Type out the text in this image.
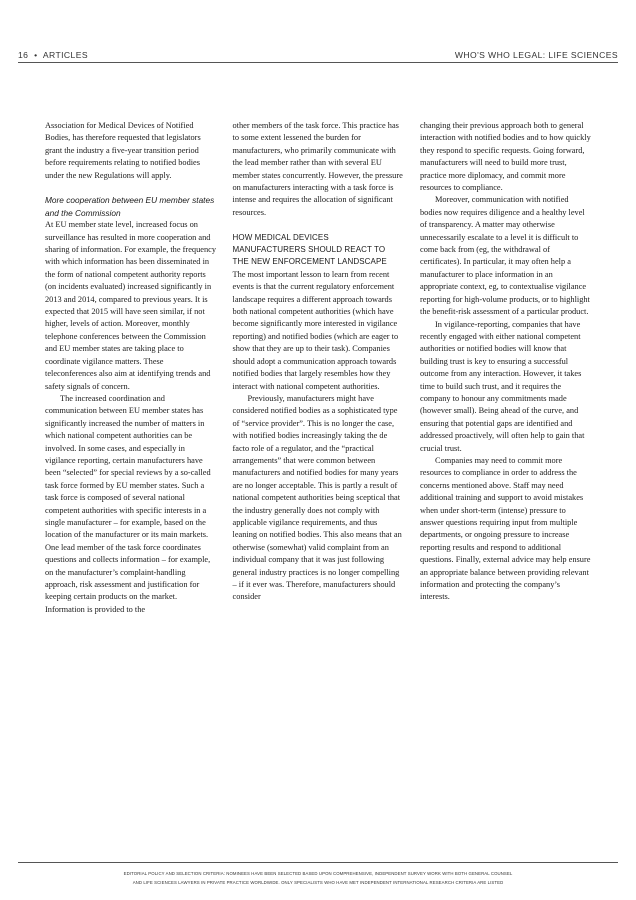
16 • ARTICLES	WHO'S WHO LEGAL: LIFE SCIENCES

Association for Medical Devices of Notified Bodies, has therefore requested that legislators grant the industry a five-year transition period before requirements relating to notified bodies under the new Regulations will apply.

More cooperation between EU member states and the Commission

At EU member state level, increased focus on surveillance has resulted in more cooperation and sharing of information. For example, the frequency with which information has been disseminated in the form of national competent authority reports (on incidents evaluated) increased significantly in 2013 and 2014, compared to previous years. It is expected that 2015 will have seen similar, if not higher, levels of action. Moreover, monthly telephone conferences between the Commission and EU member states are taking place to coordinate vigilance matters. These teleconferences also aim at identifying trends and safety signals of concern.

The increased coordination and communication between EU member states has significantly increased the number of matters in which national competent authorities can be involved. In some cases, and especially in vigilance reporting, certain manufacturers have been “selected” for special reviews by a so-called task force formed by EU member states. Such a task force is composed of several national competent authorities with specific interests in a single manufacturer – for example, based on the location of the manufacturer or its main markets. One lead member of the task force coordinates questions and collects information – for example, on the manufacturer’s complaint-handling approach, risk assessment and justification for keeping certain products on the market. Information is provided to the

other members of the task force. This practice has to some extent lessened the burden for manufacturers, who primarily communicate with the lead member rather than with several EU member states concurrently. However, the pressure on manufacturers interacting with a task force is intense and requires the allocation of significant resources.

HOW MEDICAL DEVICES MANUFACTURERS SHOULD REACT TO THE NEW ENFORCEMENT LANDSCAPE

The most important lesson to learn from recent events is that the current regulatory enforcement landscape requires a different approach towards both national competent authorities (which have become significantly more interested in vigilance reporting) and notified bodies (which are eager to show that they are up to their task). Companies should adopt a communication approach towards notified bodies that largely resembles how they interact with national competent authorities.

Previously, manufacturers might have considered notified bodies as a sophisticated type of “service provider”. This is no longer the case, with notified bodies increasingly taking the de facto role of a regulator, and the “practical arrangements” that were common between manufacturers and notified bodies for many years are no longer acceptable. This is partly a result of national competent authorities being sceptical that the industry generally does not comply with applicable vigilance requirements, and thus leaning on notified bodies. This also means that an otherwise (somewhat) valid complaint from an individual company that it was just following general industry practices is no longer compelling – if it ever was. Therefore, manufacturers should consider

changing their previous approach both to general interaction with notified bodies and to how quickly they respond to specific requests. Going forward, manufacturers will need to build more trust, practice more diplomacy, and commit more resources to compliance.

Moreover, communication with notified bodies now requires diligence and a healthy level of transparency. A matter may otherwise unnecessarily escalate to a level it is difficult to come back from (eg, the withdrawal of certificates). In particular, it may often help a manufacturer to place information in an appropriate context, eg, to contextualise vigilance reporting for high-volume products, or to highlight the benefit-risk assessment of a particular product.

In vigilance-reporting, companies that have recently engaged with either national competent authorities or notified bodies will know that building trust is key to ensuring a successful outcome from any interaction. However, it takes time to build such trust, and it requires the company to honour any commitments made (however small). Being ahead of the curve, and ensuring that potential gaps are identified and addressed proactively, will often help to gain that crucial trust.

Companies may need to commit more resources to compliance in order to address the concerns mentioned above. Staff may need additional training and support to avoid mistakes when under short-term (intense) pressure to answer questions requiring input from multiple departments, or ongoing pressure to increase reporting results and respond to additional questions. Finally, external advice may help ensure an appropriate balance between providing relevant information and protecting the company’s interests.

EDITORIAL POLICY AND SELECTION CRITERIA: NOMINEES HAVE BEEN SELECTED BASED UPON COMPREHENSIVE, INDEPENDENT SURVEY WORK WITH BOTH GENERAL COUNSEL
AND LIFE SCIENCES LAWYERS IN PRIVATE PRACTICE WORLDWIDE. ONLY SPECIALISTS WHO HAVE MET INDEPENDENT INTERNATIONAL RESEARCH CRITERIA ARE LISTED
